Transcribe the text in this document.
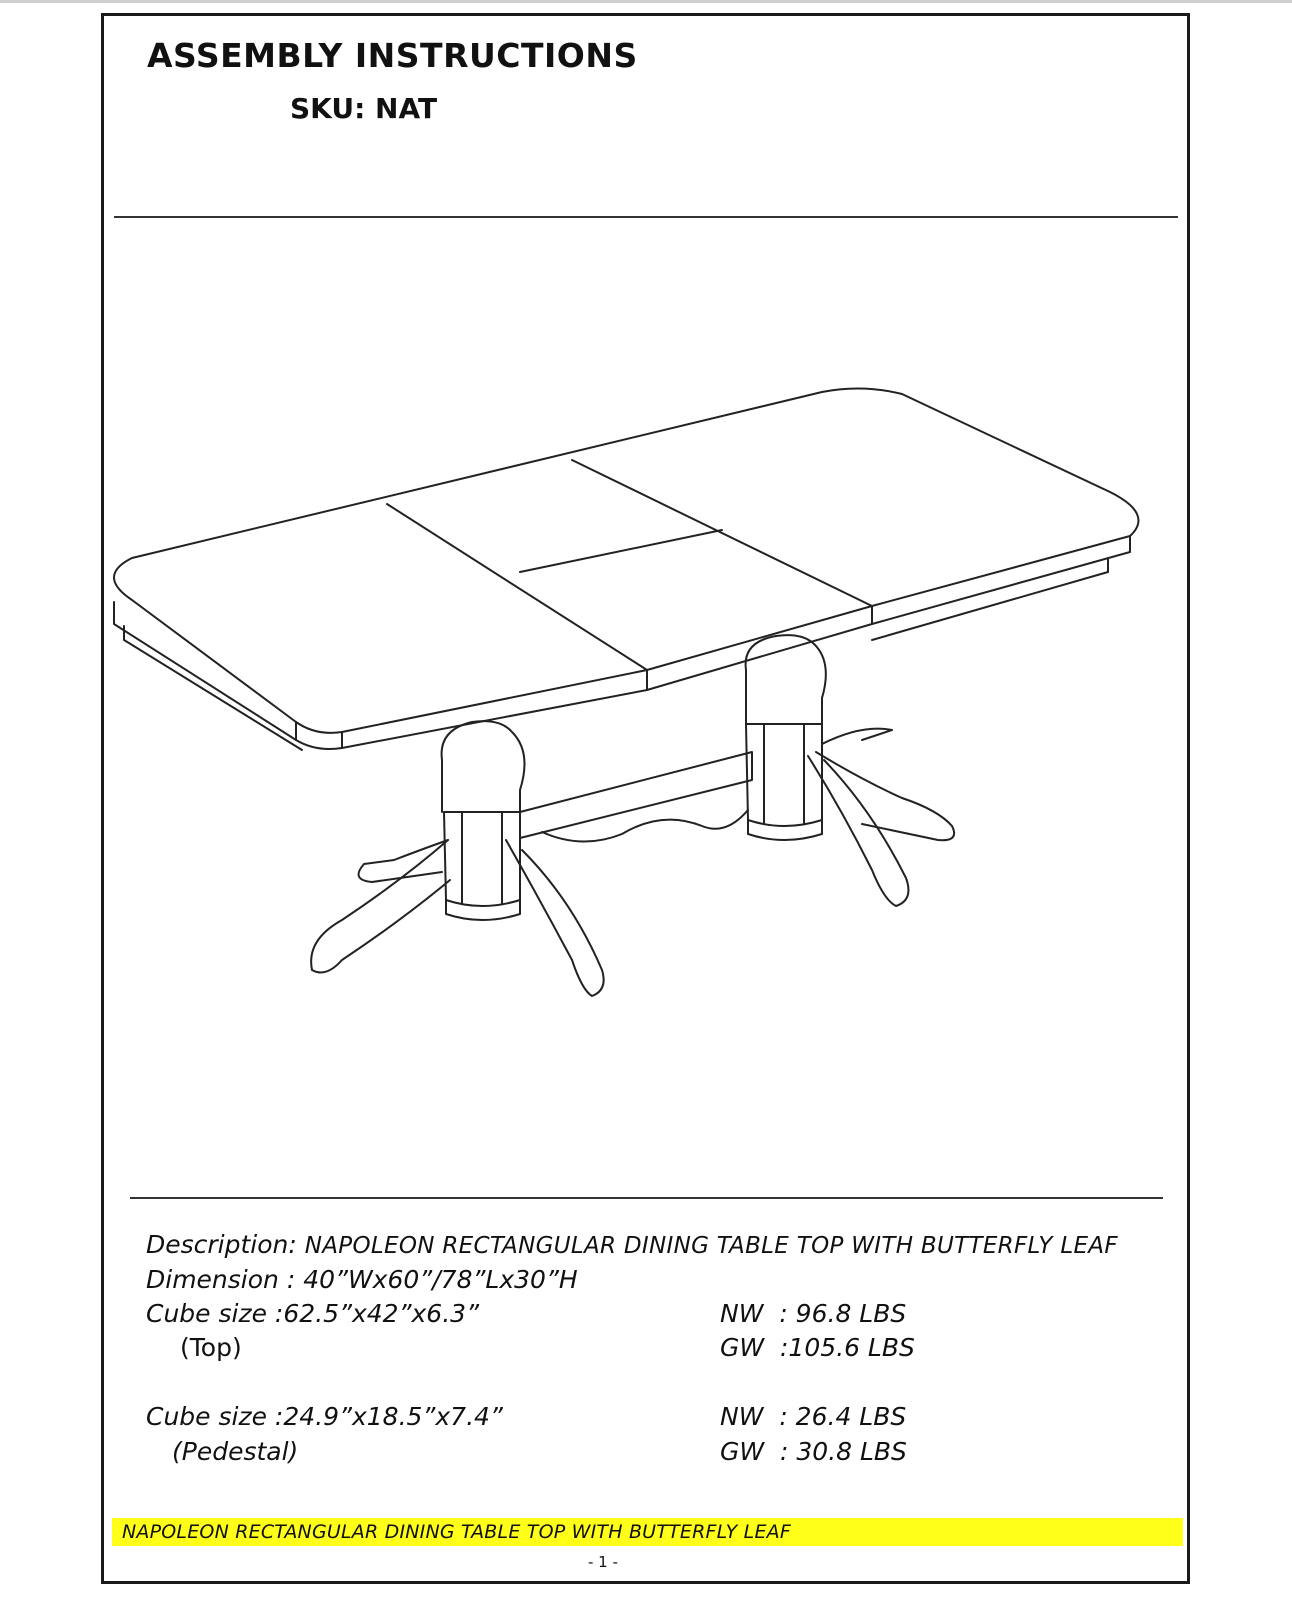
ASSEMBLY INSTRUCTIONS
SKU: NAT
Description: NAPOLEON RECTANGULAR DINING TABLE TOP WITH BUTTERFLY LEAF
Dimension : 40”Wx60”/78”Lx30”H
Cube size :62.5”x42”x6.3”
(Top)
NW  : 96.8 LBS
GW  :105.6 LBS
Cube size :24.9”x18.5”x7.4”
(Pedestal)
NW  : 26.4 LBS
GW  : 30.8 LBS
NAPOLEON RECTANGULAR DINING TABLE TOP WITH BUTTERFLY LEAF
- 1 -
